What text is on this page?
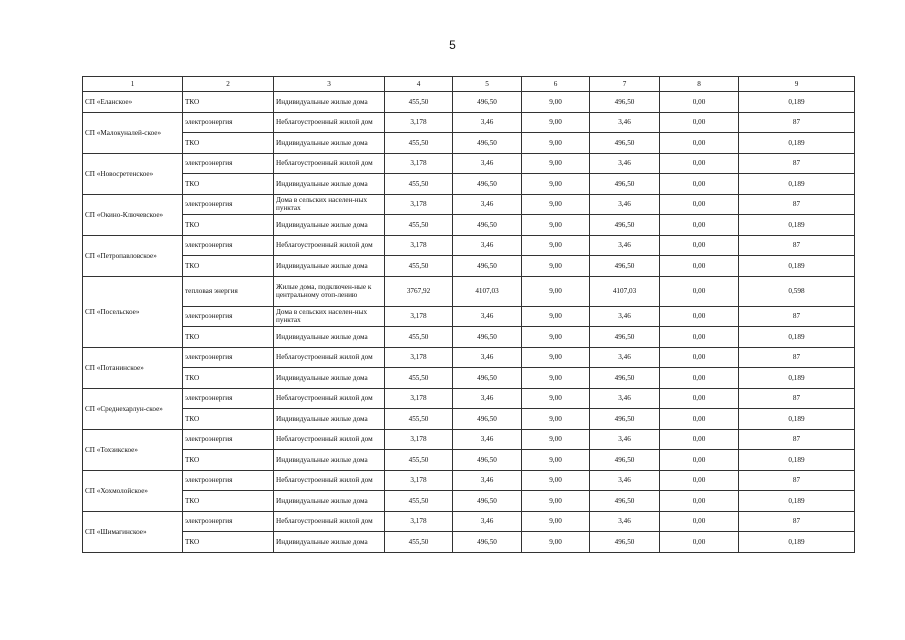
5
1	2	3	4	5	6	7	8	9
СП «Еланское»	ТКО	Индивидуальные жилые дома	455,50	496,50	9,00	496,50	0,00	0,189
СП «Малокуналей-ское»	электроэнергия	Неблагоустроенный жилой дом	3,178	3,46	9,00	3,46	0,00	87
	ТКО	Индивидуальные жилые дома	455,50	496,50	9,00	496,50	0,00	0,189
СП «Новосретенское»	электроэнергия	Неблагоустроенный жилой дом	3,178	3,46	9,00	3,46	0,00	87
	ТКО	Индивидуальные жилые дома	455,50	496,50	9,00	496,50	0,00	0,189
СП «Окино-Ключевское»	электроэнергия	Дома в сельских населен-ных пунктах	3,178	3,46	9,00	3,46	0,00	87
	ТКО	Индивидуальные жилые дома	455,50	496,50	9,00	496,50	0,00	0,189
СП «Петропавловское»	электроэнергия	Неблагоустроенный жилой дом	3,178	3,46	9,00	3,46	0,00	87
	ТКО	Индивидуальные жилые дома	455,50	496,50	9,00	496,50	0,00	0,189
СП «Посельское»	тепловая энергия	Жилые дома, подключен-ные к центральному отоп-лению	3767,92	4107,03	9,00	4107,03	0,00	0,598
	электроэнергия	Дома в сельских населен-ных пунктах	3,178	3,46	9,00	3,46	0,00	87
	ТКО	Индивидуальные жилые дома	455,50	496,50	9,00	496,50	0,00	0,189
СП «Потанинское»	электроэнергия	Неблагоустроенный жилой дом	3,178	3,46	9,00	3,46	0,00	87
	ТКО	Индивидуальные жилые дома	455,50	496,50	9,00	496,50	0,00	0,189
СП «Среднехарлун-ское»	электроэнергия	Неблагоустроенный жилой дом	3,178	3,46	9,00	3,46	0,00	87
	ТКО	Индивидуальные жилые дома	455,50	496,50	9,00	496,50	0,00	0,189
СП «Тохзикское»	электроэнергия	Неблагоустроенный жилой дом	3,178	3,46	9,00	3,46	0,00	87
	ТКО	Индивидуальные жилые дома	455,50	496,50	9,00	496,50	0,00	0,189
СП «Хохмолойское»	электроэнергия	Неблагоустроенный жилой дом	3,178	3,46	9,00	3,46	0,00	87
	ТКО	Индивидуальные жилые дома	455,50	496,50	9,00	496,50	0,00	0,189
СП «Шимагинское»	электроэнергия	Неблагоустроенный жилой дом	3,178	3,46	9,00	3,46	0,00	87
	ТКО	Индивидуальные жилые дома	455,50	496,50	9,00	496,50	0,00	0,189
